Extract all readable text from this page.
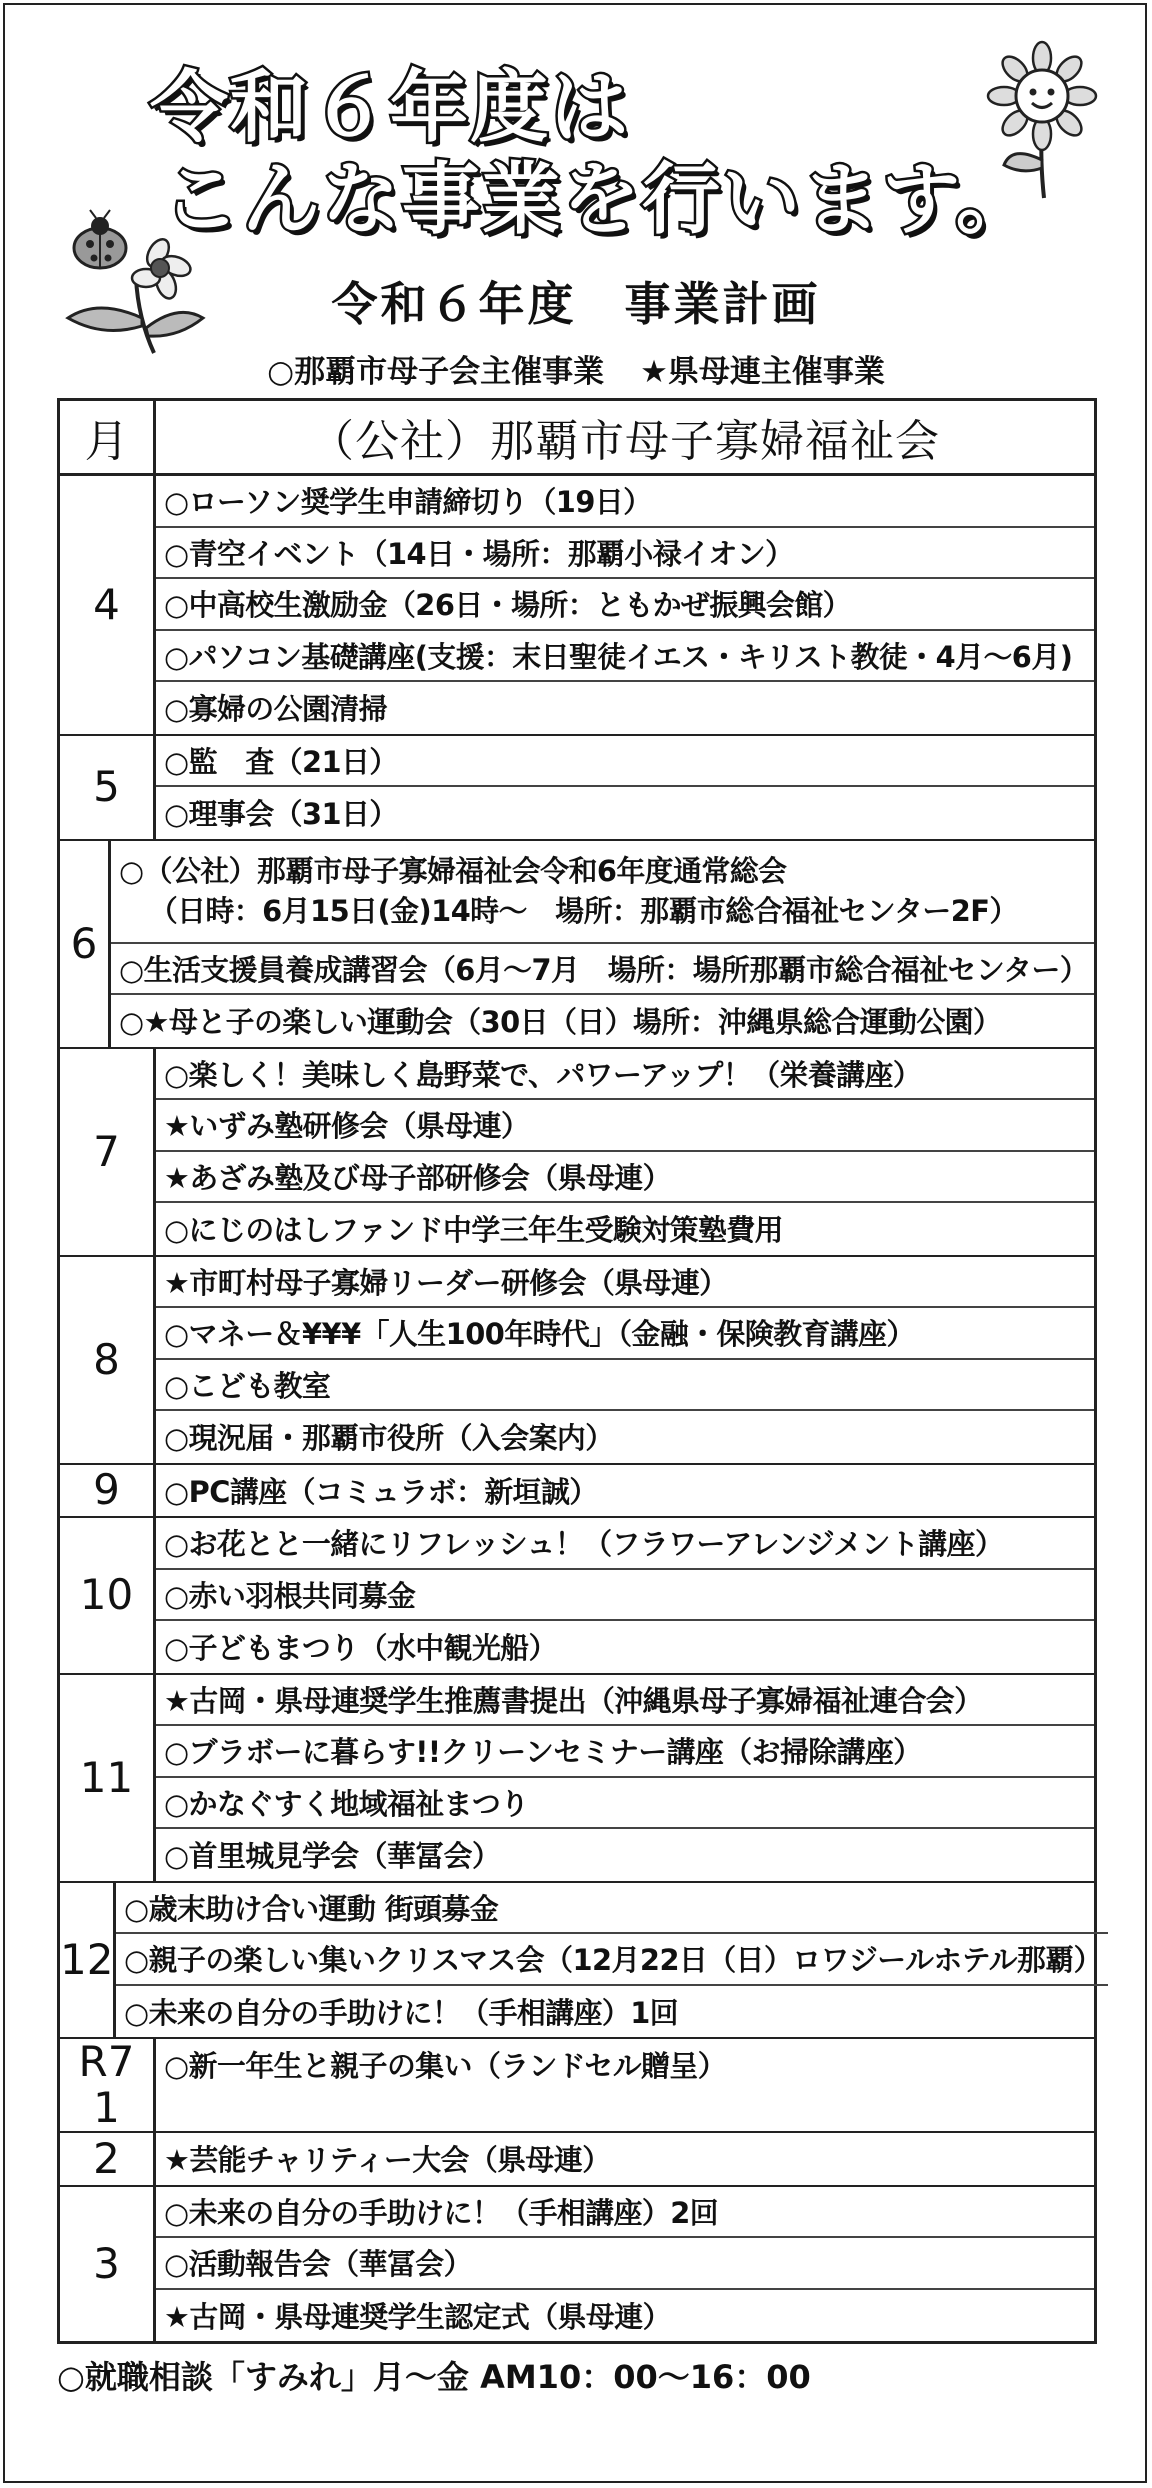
令和６年度は
こんな事業を行います。
令和６年度 事業計画
○那覇市母子会主催事業 ★県母連主催事業
月	（公社）那覇市母子寡婦福祉会
4
○ローソン奨学生申請締切り（19日）
○青空イベント（14日・場所：那覇小禄イオン）
○中高校生激励金（26日・場所：ともかぜ振興会館）
○パソコン基礎講座(支援：末日聖徒イエス・キリスト教徒・4月～6月)
○寡婦の公園清掃
5
○監　査（21日）
○理事会（31日）
6
○（公社）那覇市母子寡婦福祉会令和6年度通常総会
（日時：6月15日(金)14時～　場所：那覇市総合福祉センター2F）
○生活支援員養成講習会（6月～7月　場所：場所那覇市総合福祉センター）
○★母と子の楽しい運動会（30日（日）場所：沖縄県総合運動公園）
7
○楽しく！美味しく島野菜で、パワーアップ！（栄養講座）
★いずみ塾研修会（県母連）
★あざみ塾及び母子部研修会（県母連）
○にじのはしファンド中学三年生受験対策塾費用
8
★市町村母子寡婦リーダー研修会（県母連）
○マネー＆¥¥¥「人生100年時代」（金融・保険教育講座）
○こども教室
○現況届・那覇市役所（入会案内）
9 ○PC講座（コミュラボ：新垣誠）
10
○お花とと一緒にリフレッシュ！（フラワーアレンジメント講座）
○赤い羽根共同募金
○子どもまつり（水中観光船）
11
★古岡・県母連奨学生推薦書提出（沖縄県母子寡婦福祉連合会）
○ブラボーに暮らす!!クリーンセミナー講座（お掃除講座）
○かなぐすく地域福祉まつり
○首里城見学会（華冨会）
12
○歳末助け合い運動 街頭募金
○親子の楽しい集いクリスマス会（12月22日（日）ロワジールホテル那覇）
○未来の自分の手助けに！（手相講座）1回
R7
1
○新一年生と親子の集い（ランドセル贈呈）
2 ★芸能チャリティー大会（県母連）
3
○未来の自分の手助けに！（手相講座）2回
○活動報告会（華冨会）
★古岡・県母連奨学生認定式（県母連）
○就職相談「すみれ」月～金 AM10：00～16：00
